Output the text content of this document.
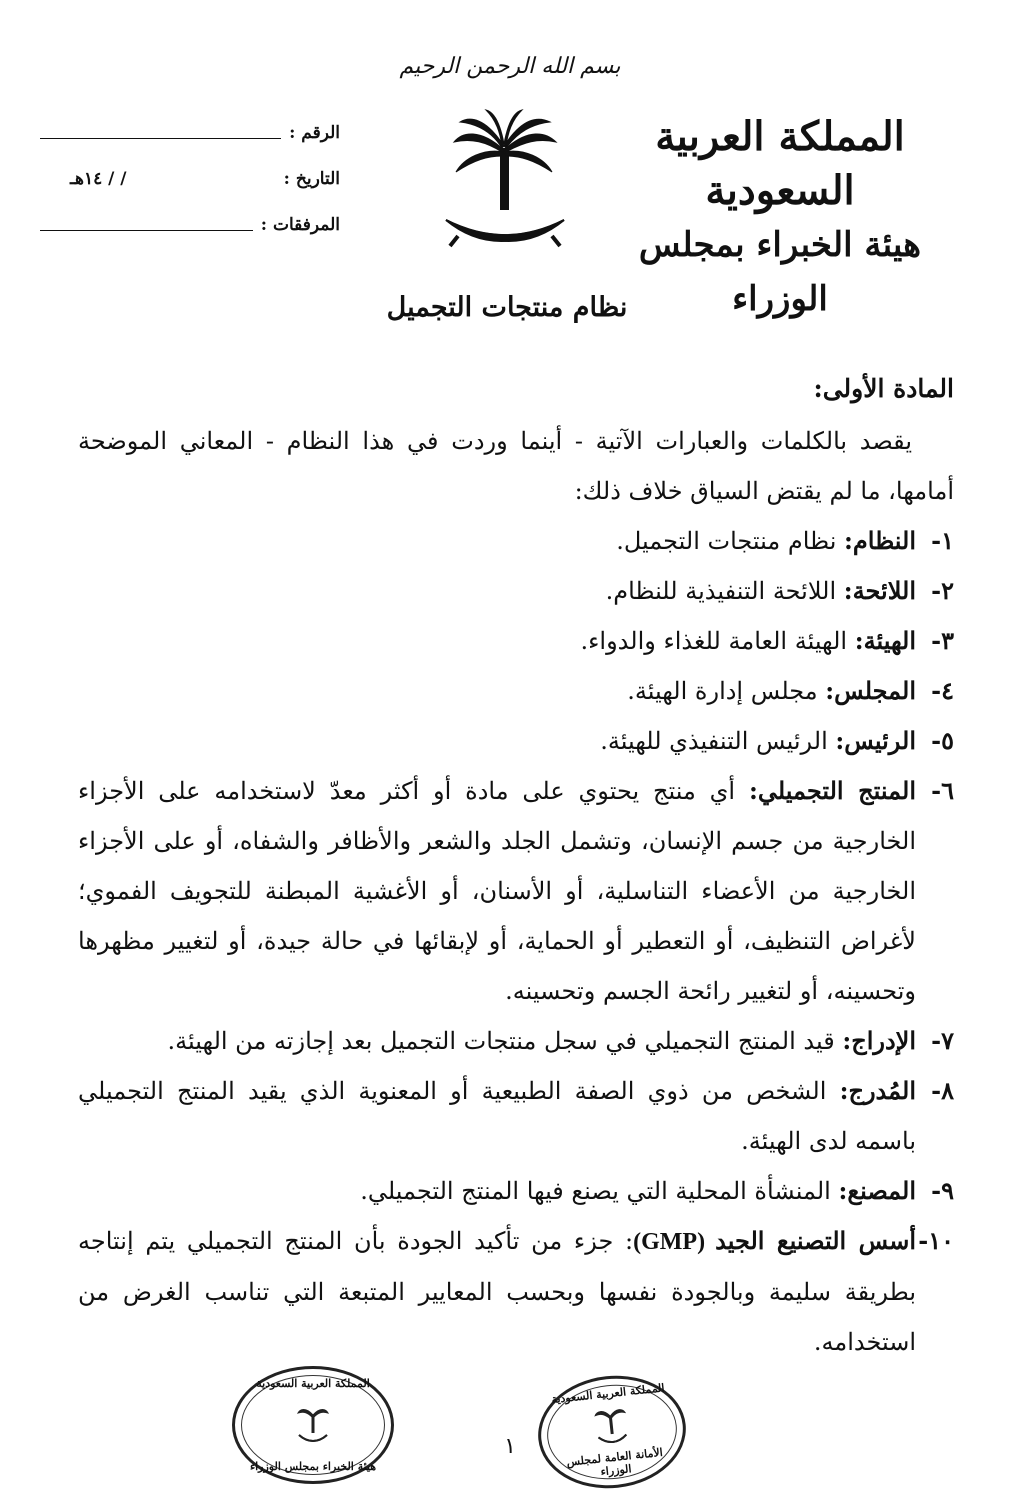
بسم الله الرحمن الرحيم
المملكة العربية السعودية
هيئة الخبراء بمجلس الوزراء
الرقم :
التاريخ :
/ / ١٤هـ
المرفقات :
نظام منتجات التجميل
المادة الأولى:

يقصد بالكلمات والعبارات الآتية - أينما وردت في هذا النظام - المعاني الموضحة أمامها، ما لم يقتض السياق خلاف ذلك:

١-
النظام: نظام منتجات التجميل.
٢-
اللائحة: اللائحة التنفيذية للنظام.
٣-
الهيئة: الهيئة العامة للغذاء والدواء.
٤-
المجلس: مجلس إدارة الهيئة.
٥-
الرئيس: الرئيس التنفيذي للهيئة.
٦-
المنتج التجميلي: أي منتج يحتوي على مادة أو أكثر معدّ لاستخدامه على الأجزاء الخارجية من جسم الإنسان، وتشمل الجلد والشعر والأظافر والشفاه، أو على الأجزاء الخارجية من الأعضاء التناسلية، أو الأسنان، أو الأغشية المبطنة للتجويف الفموي؛ لأغراض التنظيف، أو التعطير أو الحماية، أو لإبقائها في حالة جيدة، أو لتغيير مظهرها وتحسينه، أو لتغيير رائحة الجسم وتحسينه.
٧-
الإدراج: قيد المنتج التجميلي في سجل منتجات التجميل بعد إجازته من الهيئة.
٨-
المُدرج: الشخص من ذوي الصفة الطبيعية أو المعنوية الذي يقيد المنتج التجميلي باسمه لدى الهيئة.
٩-
المصنع: المنشأة المحلية التي يصنع فيها المنتج التجميلي.
١٠-
أسس التصنيع الجيد (GMP): جزء من تأكيد الجودة بأن المنتج التجميلي يتم إنتاجه بطريقة سليمة وبالجودة نفسها وبحسب المعايير المتبعة التي تناسب الغرض من استخدامه.
المملكة العربية السعودية
هيئة الخبراء بمجلس الوزراء
المملكة العربية السعودية
الأمانة العامة لمجلس الوزراء
١
